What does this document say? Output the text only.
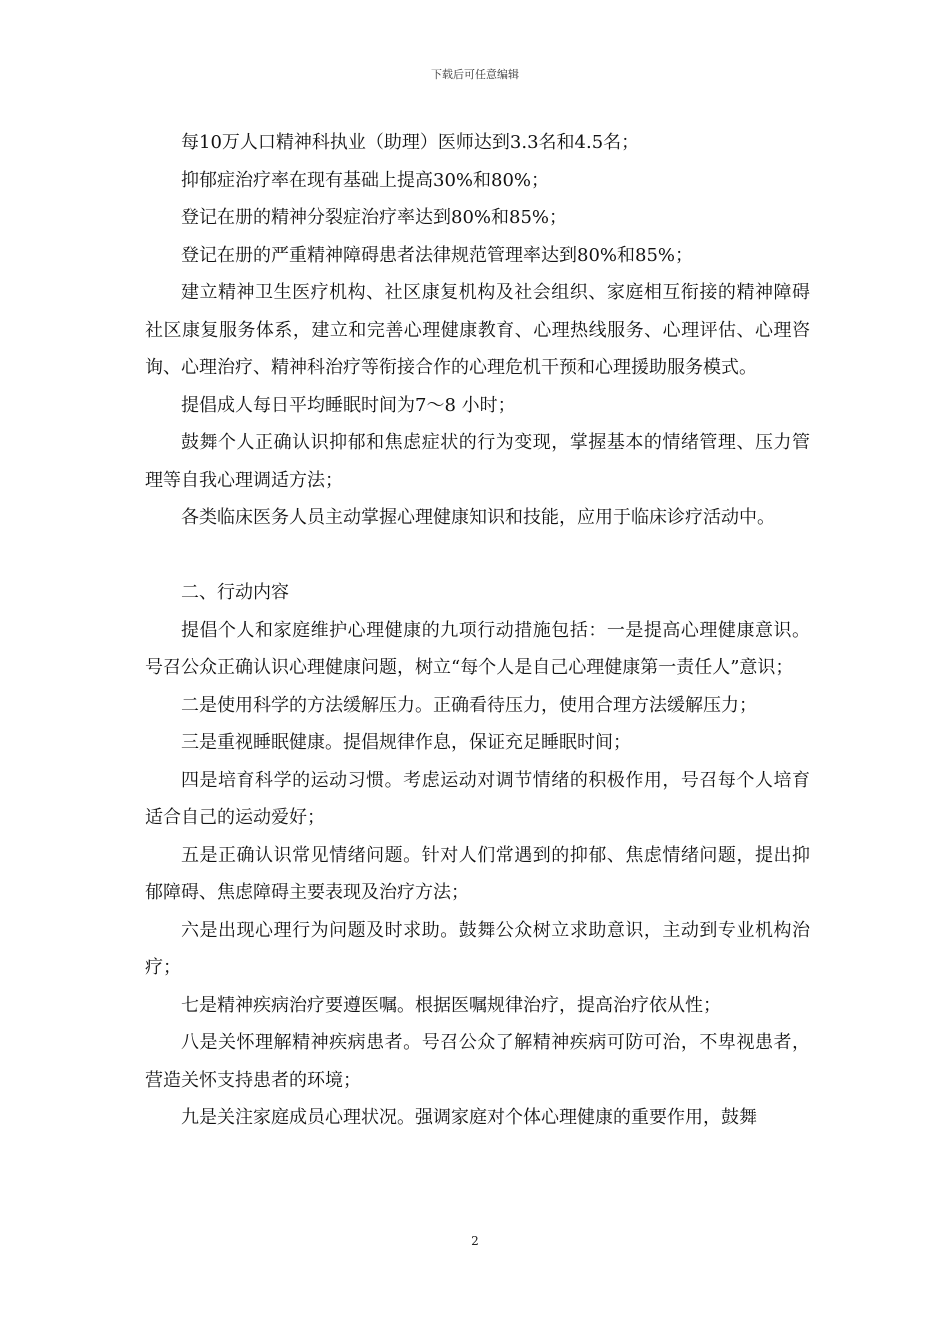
下载后可任意编辑

每10万人口精神科执业（助理）医师达到3.3名和4.5名；

抑郁症治疗率在现有基础上提高30%和80%；

登记在册的精神分裂症治疗率达到80%和85%；

登记在册的严重精神障碍患者法律规范管理率达到80%和85%；

建立精神卫生医疗机构、社区康复机构及社会组织、家庭相互衔接的精神障碍社区康复服务体系，建立和完善心理健康教育、心理热线服务、心理评估、心理咨询、心理治疗、精神科治疗等衔接合作的心理危机干预和心理援助服务模式。

提倡成人每日平均睡眠时间为7～8 小时；

鼓舞个人正确认识抑郁和焦虑症状的行为变现，掌握基本的情绪管理、压力管理等自我心理调适方法；

各类临床医务人员主动掌握心理健康知识和技能，应用于临床诊疗活动中。

二、行动内容

提倡个人和家庭维护心理健康的九项行动措施包括：一是提高心理健康意识。号召公众正确认识心理健康问题，树立“每个人是自己心理健康第一责任人”意识；

二是使用科学的方法缓解压力。正确看待压力，使用合理方法缓解压力；

三是重视睡眠健康。提倡规律作息，保证充足睡眠时间；

四是培育科学的运动习惯。考虑运动对调节情绪的积极作用，号召每个人培育适合自己的运动爱好；

五是正确认识常见情绪问题。针对人们常遇到的抑郁、焦虑情绪问题，提出抑郁障碍、焦虑障碍主要表现及治疗方法；

六是出现心理行为问题及时求助。鼓舞公众树立求助意识，主动到专业机构治疗；

七是精神疾病治疗要遵医嘱。根据医嘱规律治疗，提高治疗依从性；

八是关怀理解精神疾病患者。号召公众了解精神疾病可防可治，不卑视患者，营造关怀支持患者的环境；

九是关注家庭成员心理状况。强调家庭对个体心理健康的重要作用，鼓舞

2
